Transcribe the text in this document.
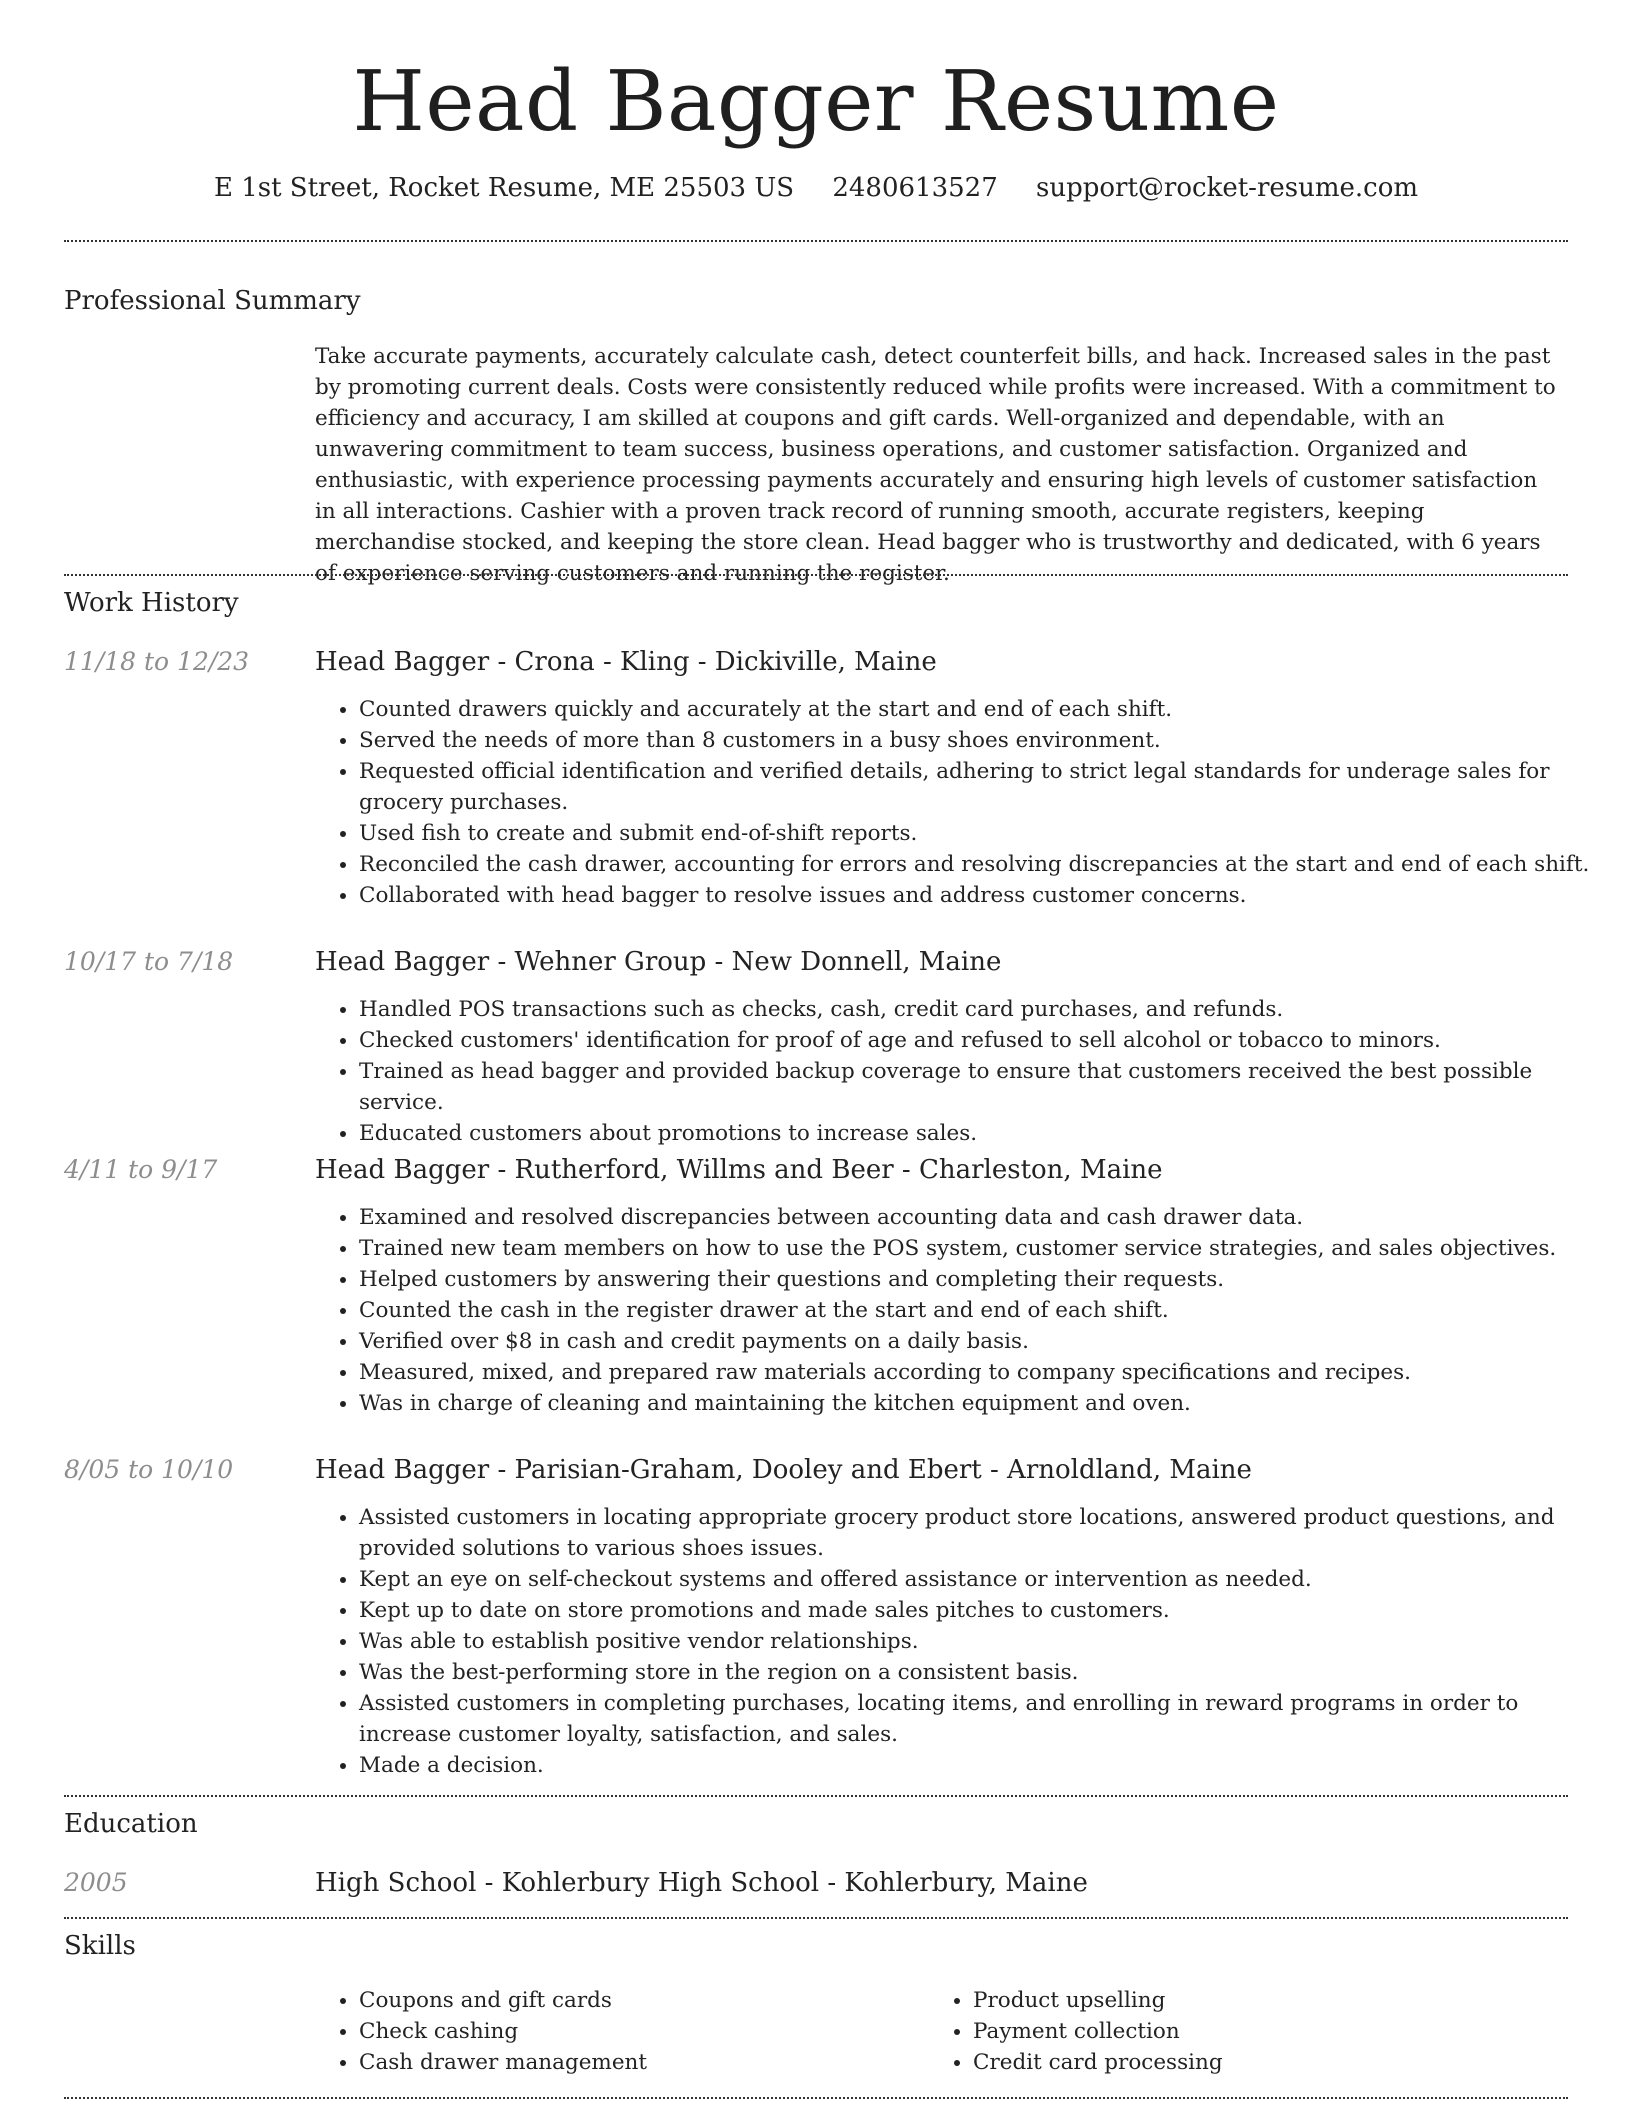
Head Bagger Resume
E 1st Street, Rocket Resume, ME 25503 US 2480613527 support@rocket-resume.com
Professional Summary

Take accurate payments, accurately calculate cash, detect counterfeit bills, and hack. Increased sales in the past by promoting current deals. Costs were consistently reduced while profits were increased. With a commitment to efficiency and accuracy, I am skilled at coupons and gift cards. Well-organized and dependable, with an unwavering commitment to team success, business operations, and customer satisfaction. Organized and enthusiastic, with experience processing payments accurately and ensuring high levels of customer satisfaction in all interactions. Cashier with a proven track record of running smooth, accurate registers, keeping merchandise stocked, and keeping the store clean. Head bagger who is trustworthy and dedicated, with 6 years of experience serving customers and running the register.

Work History
11/18 to 12/23	Head Bagger - Crona - Kling - Dickiville, Maine
• Counted drawers quickly and accurately at the start and end of each shift.
• Served the needs of more than 8 customers in a busy shoes environment.
• Requested official identification and verified details, adhering to strict legal standards for underage sales for grocery purchases.
• Used fish to create and submit end-of-shift reports.
• Reconciled the cash drawer, accounting for errors and resolving discrepancies at the start and end of each shift.
• Collaborated with head bagger to resolve issues and address customer concerns.
10/17 to 7/18	Head Bagger - Wehner Group - New Donnell, Maine
• Handled POS transactions such as checks, cash, credit card purchases, and refunds.
• Checked customers' identification for proof of age and refused to sell alcohol or tobacco to minors.
• Trained as head bagger and provided backup coverage to ensure that customers received the best possible service.
• Educated customers about promotions to increase sales.
4/11 to 9/17	Head Bagger - Rutherford, Willms and Beer - Charleston, Maine
• Examined and resolved discrepancies between accounting data and cash drawer data.
• Trained new team members on how to use the POS system, customer service strategies, and sales objectives.
• Helped customers by answering their questions and completing their requests.
• Counted the cash in the register drawer at the start and end of each shift.
• Verified over $8 in cash and credit payments on a daily basis.
• Measured, mixed, and prepared raw materials according to company specifications and recipes.
• Was in charge of cleaning and maintaining the kitchen equipment and oven.
8/05 to 10/10	Head Bagger - Parisian-Graham, Dooley and Ebert - Arnoldland, Maine
• Assisted customers in locating appropriate grocery product store locations, answered product questions, and provided solutions to various shoes issues.
• Kept an eye on self-checkout systems and offered assistance or intervention as needed.
• Kept up to date on store promotions and made sales pitches to customers.
• Was able to establish positive vendor relationships.
• Was the best-performing store in the region on a consistent basis.
• Assisted customers in completing purchases, locating items, and enrolling in reward programs in order to increase customer loyalty, satisfaction, and sales.
• Made a decision.
Education
2005	High School - Kohlerbury High School - Kohlerbury, Maine
Skills
• Coupons and gift cards
• Check cashing
• Cash drawer management
• Product upselling
• Payment collection
• Credit card processing
